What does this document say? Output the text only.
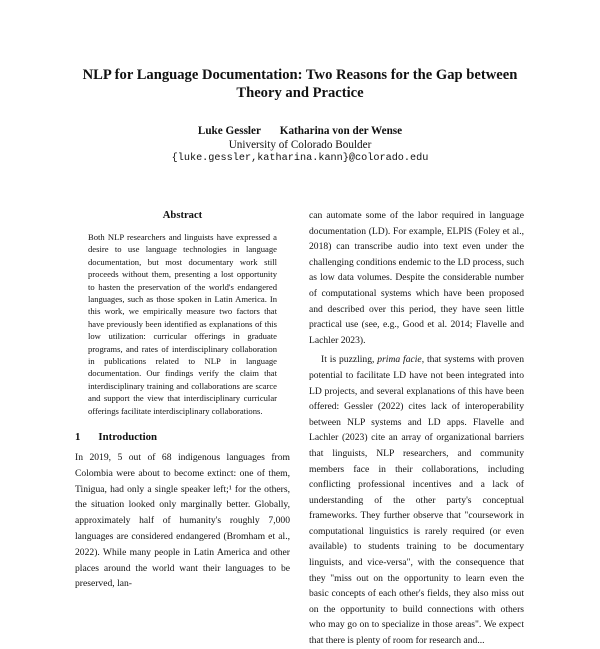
NLP for Language Documentation: Two Reasons for the Gap between Theory and Practice
Luke Gessler Katharina von der Wense
University of Colorado Boulder
{luke.gessler,katharina.kann}@colorado.edu
Abstract

Both NLP researchers and linguists have expressed a desire to use language technologies in language documentation, but most documentary work still proceeds without them, presenting a lost opportunity to hasten the preservation of the world's endangered languages, such as those spoken in Latin America. In this work, we empirically measure two factors that have previously been identified as explanations of this low utilization: curricular offerings in graduate programs, and rates of interdisciplinary collaboration in publications related to NLP in language documentation. Our findings verify the claim that interdisciplinary training and collaborations are scarce and support the view that interdisciplinary curricular offerings facilitate interdisciplinary collaborations.

1 Introduction

In 2019, 5 out of 68 indigenous languages from Colombia were about to become extinct: one of them, Tinigua, had only a single speaker left;¹ for the others, the situation looked only marginally better. Globally, approximately half of humanity's roughly 7,000 languages are considered endangered (Bromham et al., 2022). While many people in Latin America and other places around the world want their languages to be preserved, lan-

can automate some of the labor required in language documentation (LD). For example, ELPIS (Foley et al., 2018) can transcribe audio into text even under the challenging conditions endemic to the LD process, such as low data volumes. Despite the considerable number of computational systems which have been proposed and described over this period, they have seen little practical use (see, e.g., Good et al. 2014; Flavelle and Lachler 2023).

It is puzzling, prima facie, that systems with proven potential to facilitate LD have not been integrated into LD projects, and several explanations of this have been offered: Gessler (2022) cites lack of interoperability between NLP systems and LD apps. Flavelle and Lachler (2023) cite an array of organizational barriers that linguists, NLP researchers, and community members face in their collaborations, including conflicting professional incentives and a lack of understanding of the other party's conceptual frameworks. They further observe that "coursework in computational linguistics is rarely required (or even available) to students training to be documentary linguists, and vice-versa", with the consequence that they "miss out on the opportunity to learn even the basic concepts of each other's fields, they also miss out on the opportunity to build connections with others who may go on to specialize in those areas". We expect that there is plenty of room for research and...
